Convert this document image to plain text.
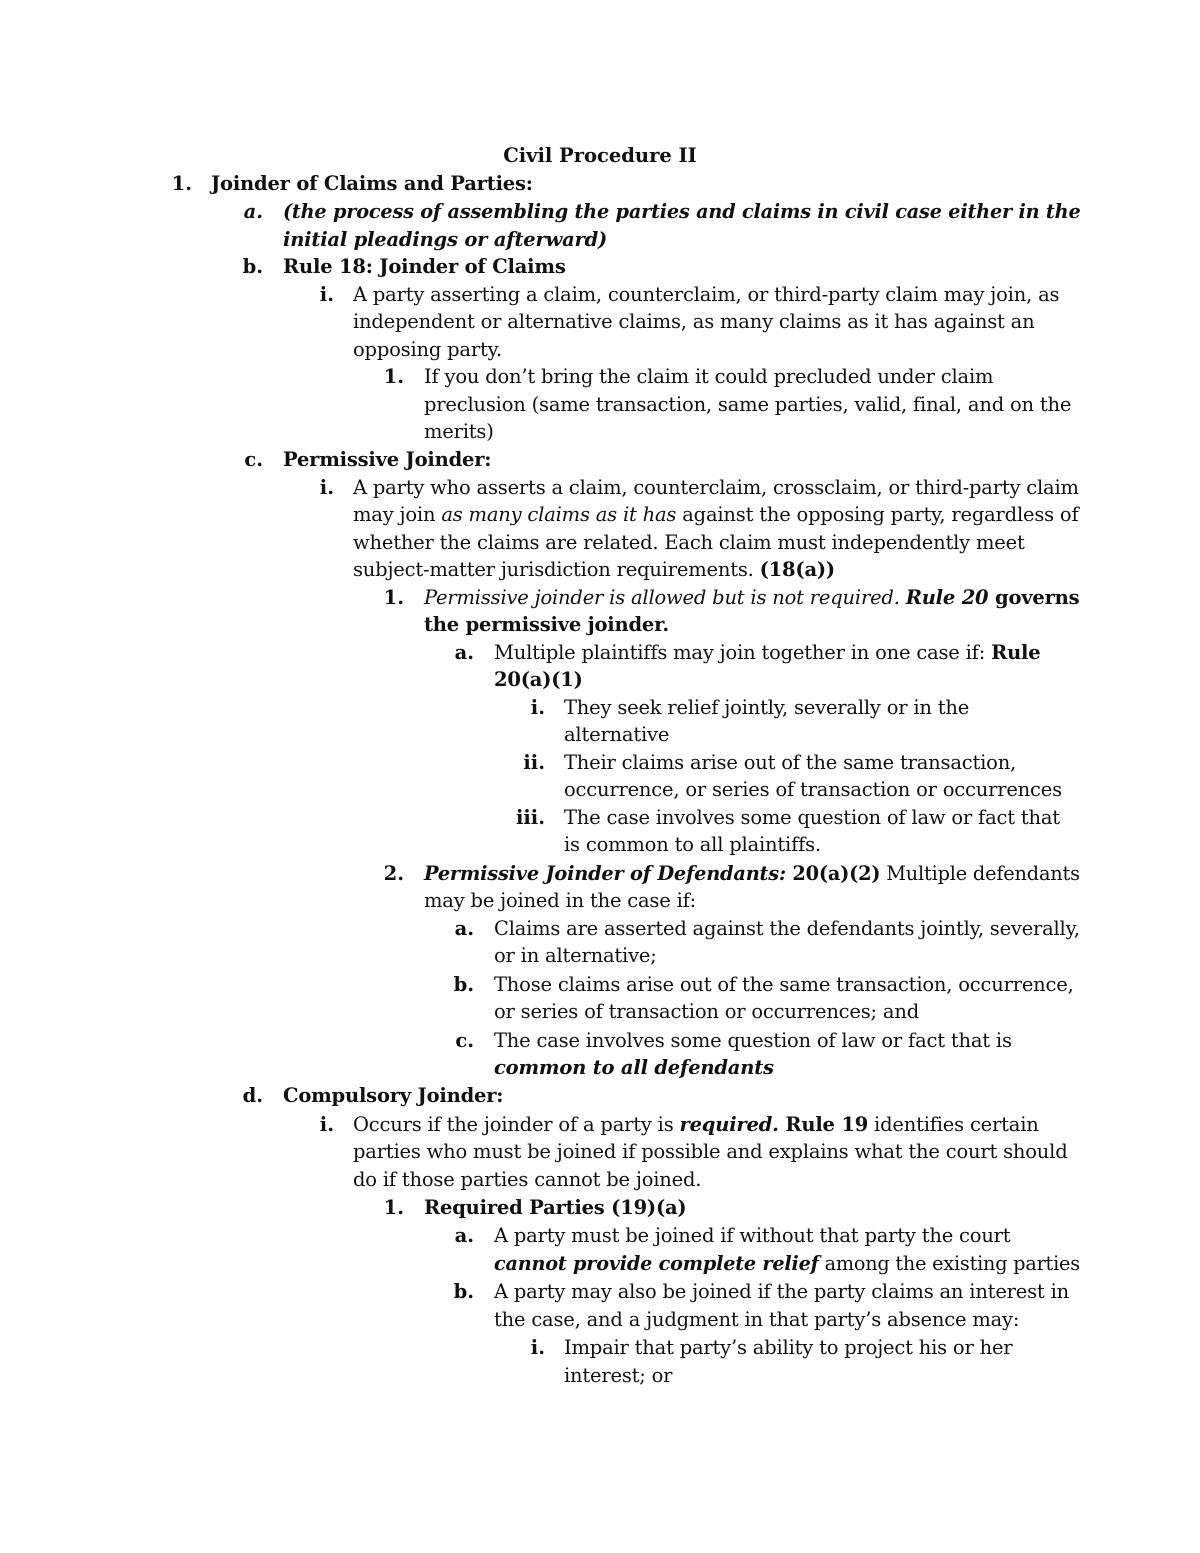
Civil Procedure II
1. Joinder of Claims and Parties:
a. (the process of assembling the parties and claims in civil case either in the
initial pleadings or afterward)
b. Rule 18: Joinder of Claims
i. A party asserting a claim, counterclaim, or third-party claim may join, as
independent or alternative claims, as many claims as it has against an
opposing party.
1. If you don’t bring the claim it could precluded under claim
preclusion (same transaction, same parties, valid, final, and on the
merits)
c. Permissive Joinder:
i. A party who asserts a claim, counterclaim, crossclaim, or third-party claim
may join as many claims as it has against the opposing party, regardless of
whether the claims are related. Each claim must independently meet
subject-matter jurisdiction requirements. (18(a))
1. Permissive joinder is allowed but is not required. Rule 20 governs
the permissive joinder.
a. Multiple plaintiffs may join together in one case if: Rule
20(a)(1)
i. They seek relief jointly, severally or in the
alternative
ii. Their claims arise out of the same transaction,
occurrence, or series of transaction or occurrences
iii. The case involves some question of law or fact that
is common to all plaintiffs.
2. Permissive Joinder of Defendants: 20(a)(2) Multiple defendants
may be joined in the case if:
a. Claims are asserted against the defendants jointly, severally,
or in alternative;
b. Those claims arise out of the same transaction, occurrence,
or series of transaction or occurrences; and
c. The case involves some question of law or fact that is
common to all defendants
d. Compulsory Joinder:
i. Occurs if the joinder of a party is required. Rule 19 identifies certain
parties who must be joined if possible and explains what the court should
do if those parties cannot be joined.
1. Required Parties (19)(a)
a. A party must be joined if without that party the court
cannot provide complete relief among the existing parties
b. A party may also be joined if the party claims an interest in
the case, and a judgment in that party’s absence may:
i. Impair that party’s ability to project his or her
interest; or
